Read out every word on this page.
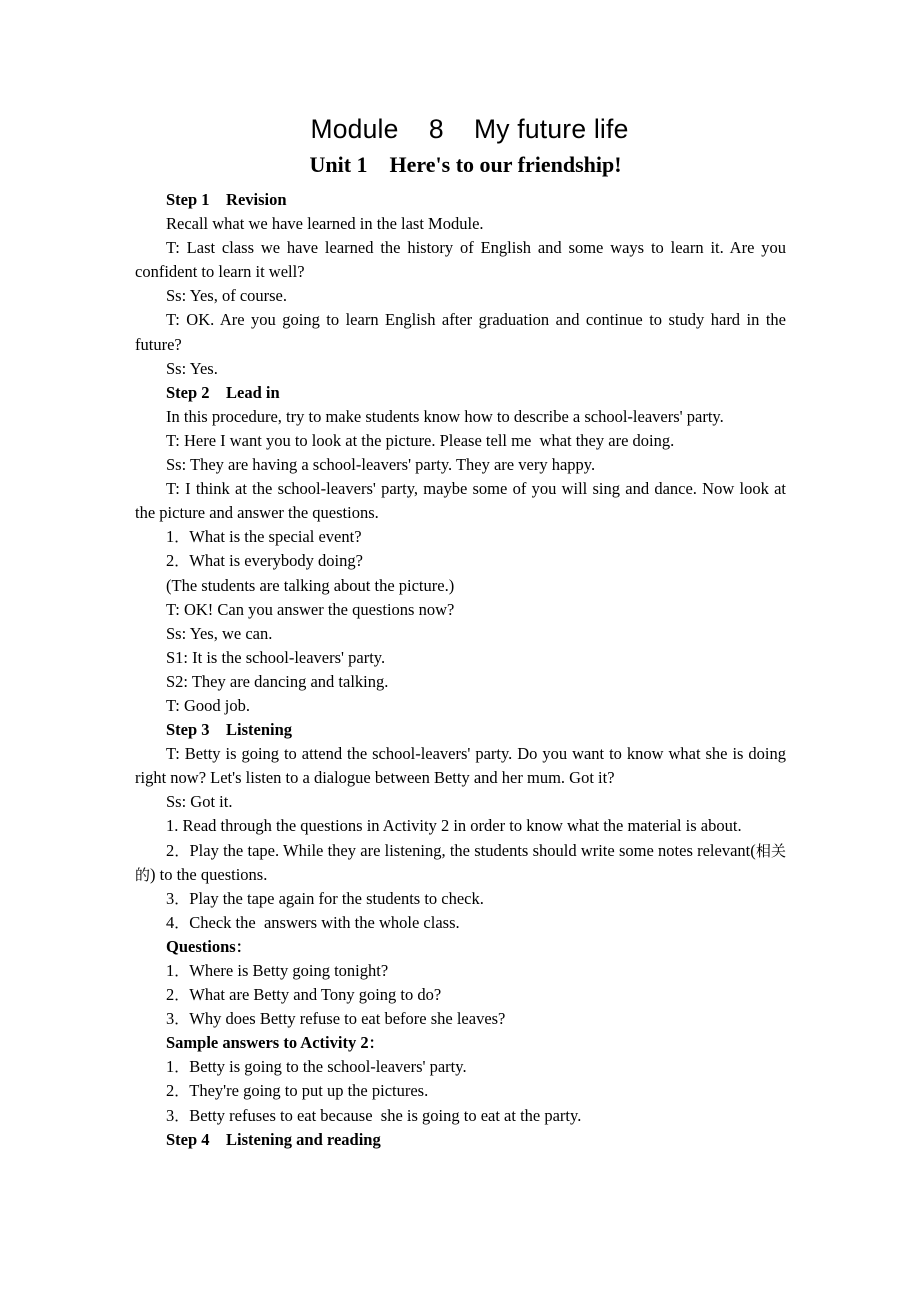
Module    8    My future life
Unit 1    Here's to our friendship!

Step 1    Revision

Recall what we have learned in the last Module.

T: Last class we have learned the history of English and some ways to learn it. Are you confident to learn it well?

Ss: Yes, of course.

T: OK. Are you going to learn English after graduation and continue to study hard in the future?

Ss: Yes.

Step 2    Lead in

In this procedure, try to make students know how to describe a school-leavers' party.

T: Here I want you to look at the picture. Please tell me  what they are doing.

Ss: They are having a school-leavers' party. They are very happy.

T: I think at the school-leavers' party, maybe some of you will sing and dance. Now look at the picture and answer the questions.

1．What is the special event?

2．What is everybody doing?

(The students are talking about the picture.)

T: OK! Can you answer the questions now?

Ss: Yes, we can.

S1: It is the school-leavers' party.

S2: They are dancing and talking.

T: Good job.

Step 3    Listening

T: Betty is going to attend the school-leavers' party. Do you want to know what she is doing right now? Let's listen to a dialogue between Betty and her mum. Got it?

Ss: Got it.

1. Read through the questions in Activity 2 in order to know what the material is about.

2．Play the tape. While they are listening, the students should write some notes relevant(相关的) to the questions.

3．Play the tape again for the students to check.

4．Check the  answers with the whole class.

Questions：

1．Where is Betty going tonight?

2．What are Betty and Tony going to do?

3．Why does Betty refuse to eat before she leaves?

Sample answers to Activity 2：

1．Betty is going to the school-leavers' party.

2．They're going to put up the pictures.

3．Betty refuses to eat because  she is going to eat at the party.

Step 4    Listening and reading
